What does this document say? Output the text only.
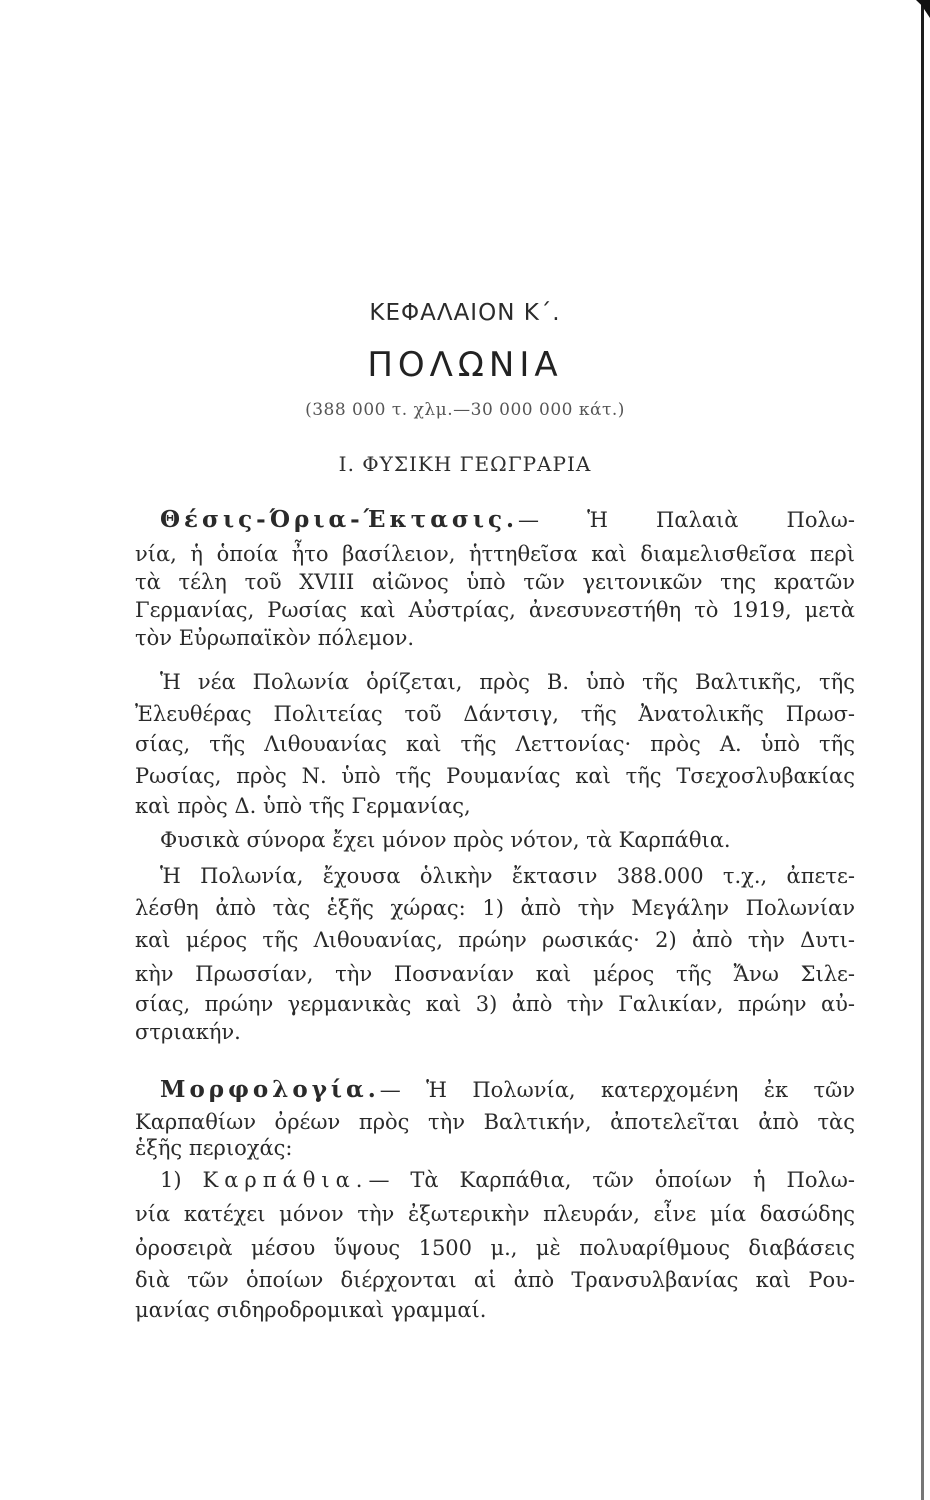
ΚΕΦΑΛΑΙΟΝ Κ΄.
ΠΟΛΩΝΙΑ
(388 000 τ. χλμ.—30 000 000 κάτ.)
Ι. ΦΥΣΙΚΗ ΓΕΩΓΡΑΡΙΑ
Θέσις-Όρια-Έκτασις.— Ἡ Παλαιὰ Πολω-
νία, ἡ ὁποία ἦτο βασίλειον, ἡττηθεῖσα καὶ διαμελισθεῖσα περὶ
τὰ τέλη τοῦ XVIII αἰῶνος ὑπὸ τῶν γειτονικῶν της κρατῶν
Γερμανίας, Ρωσίας καὶ Αὐστρίας, ἀνεσυνεστήθη τὸ 1919, μετὰ
τὸν Εὐρωπαϊκὸν πόλεμον.
Ἡ νέα Πολωνία ὁρίζεται, πρὸς Β. ὑπὸ τῆς Βαλτικῆς, τῆς
Ἐλευθέρας Πολιτείας τοῦ Δάντσιγ, τῆς Ἀνατολικῆς Πρωσ-
σίας, τῆς Λιθουανίας καὶ τῆς Λεττονίας· πρὸς Α. ὑπὸ τῆς
Ρωσίας, πρὸς Ν. ὑπὸ τῆς Ρουμανίας καὶ τῆς Τσεχοσλυβακίας
καὶ πρὸς Δ. ὑπὸ τῆς Γερμανίας,
Φυσικὰ σύνορα ἔχει μόνον πρὸς νότον, τὰ Καρπάθια.
Ἡ Πολωνία, ἔχουσα ὁλικὴν ἔκτασιν 388.000 τ.χ., ἀπετε-
λέσθη ἀπὸ τὰς ἑξῆς χώρας: 1) ἀπὸ τὴν Μεγάλην Πολωνίαν
καὶ μέρος τῆς Λιθουανίας, πρώην ρωσικάς· 2) ἀπὸ τὴν Δυτι-
κὴν Πρωσσίαν, τὴν Ποσνανίαν καὶ μέρος τῆς Ἄνω Σιλε-
σίας, πρώην γερμανικὰς καὶ 3) ἀπὸ τὴν Γαλικίαν, πρώην αὐ-
στριακήν.
Μορφολογία.— Ἡ Πολωνία, κατερχομένη ἐκ τῶν
Καρπαθίων ὀρέων πρὸς τὴν Βαλτικήν, ἀποτελεῖται ἀπὸ τὰς
ἑξῆς περιοχάς:
1) Καρπάθια.— Τὰ Καρπάθια, τῶν ὁποίων ἡ Πολω-
νία κατέχει μόνον τὴν ἐξωτερικὴν πλευράν, εἶνε μία δασώδης
ὀροσειρὰ μέσου ὕψους 1500 μ., μὲ πολυαρίθμους διαβάσεις
διὰ τῶν ὁποίων διέρχονται αἱ ἀπὸ Τρανσυλβανίας καὶ Ρου-
μανίας σιδηροδρομικαὶ γραμμαί.
